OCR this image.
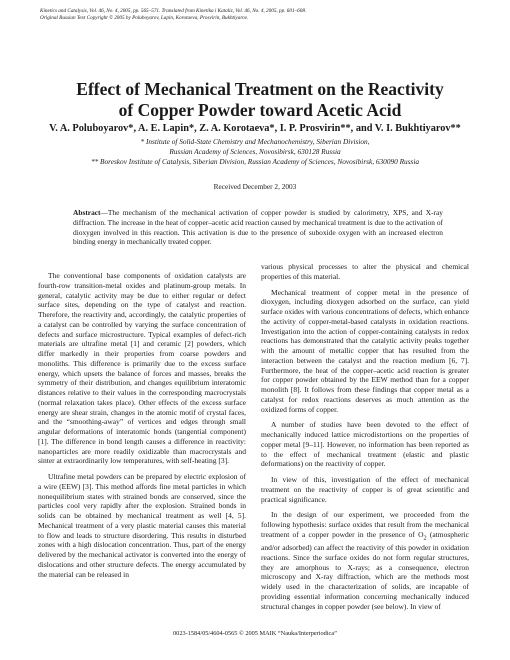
Kinetics and Catalysis, Vol. 46, No. 4, 2005, pp. 565–571. Translated from Kinetika i Kataliz, Vol. 46, No. 4, 2005, pp. 601–608.
Original Russian Text Copyright © 2005 by Poluboyarov, Lapin, Korotaeva, Prosvirin, Bukhtiyarov.
Effect of Mechanical Treatment on the Reactivity
of Copper Powder toward Acetic Acid
V. A. Poluboyarov*, A. E. Lapin*, Z. A. Korotaeva*, I. P. Prosvirin**, and V. I. Bukhtiyarov**
* Institute of Solid-State Chemistry and Mechanochemistry, Siberian Division,
Russian Academy of Sciences, Novosibirsk, 630128 Russia
** Boreskov Institute of Catalysis, Siberian Division, Russian Academy of Sciences, Novosibirsk, 630090 Russia
Received December 2, 2003
Abstract—The mechanism of the mechanical activation of copper powder is studied by calorimetry, XPS, and X-ray diffraction. The increase in the heat of copper–acetic acid reaction caused by mechanical treatment is due to the activation of dioxygen involved in this reaction. This activation is due to the presence of suboxide oxygen with an increased electron binding energy in mechanically treated copper.

The conventional base components of oxidation catalysts are fourth-row transition-metal oxides and platinum-group metals. In general, catalytic activity may be due to either regular or defect surface sites, depending on the type of catalyst and reaction. Therefore, the reactivity and, accordingly, the catalytic properties of a catalyst can be controlled by varying the surface concentration of defects and surface microstructure. Typical examples of defect-rich materials are ultrafine metal [1] and ceramic [2] powders, which differ markedly in their properties from coarse powders and monoliths. This difference is primarily due to the excess surface energy, which upsets the balance of forces and masses, breaks the symmetry of their distribution, and changes equilibrium interatomic distances relative to their values in the corresponding macrocrystals (normal relaxation takes place). Other effects of the excess surface energy are shear strain, changes in the atomic motif of crystal faces, and the “smoothing-away” of vertices and edges through small angular deformations of interatomic bonds (tangential component) [1]. The difference in bond length causes a difference in reactivity: nanoparticles are more readily oxidizable than macrocrystals and sinter at extraordinarily low temperatures, with self-heating [3].

Ultrafine metal powders can be prepared by electric explosion of a wire (EEW) [3]. This method affords fine metal particles in which nonequilibrium states with strained bonds are conserved, since the particles cool very rapidly after the explosion. Strained bonds in solids can be obtained by mechanical treatment as well [4, 5]. Mechanical treatment of a very plastic material causes this material to flow and leads to structure disordering. This results in disturbed zones with a high dislocation concentration. Thus, part of the energy delivered by the mechanical activator is converted into the energy of dislocations and other structure defects. The energy accumulated by the material can be released in

various physical processes to alter the physical and chemical properties of this material.

Mechanical treatment of copper metal in the presence of dioxygen, including dioxygen adsorbed on the surface, can yield surface oxides with various concentrations of defects, which enhance the activity of copper-metal-based catalysts in oxidation reactions. Investigation into the action of copper-containing catalysts in redox reactions has demonstrated that the catalytic activity peaks together with the amount of metallic copper that has resulted from the interaction between the catalyst and the reaction medium [6, 7]. Furthermore, the heat of the copper–acetic acid reaction is greater for copper powder obtained by the EEW method than for a copper monolith [8]. It follows from these findings that copper metal as a catalyst for redox reactions deserves as much attention as the oxidized forms of copper.

A number of studies have been devoted to the effect of mechanically induced lattice microdistortions on the properties of copper metal [9–11]. However, no information has been reported as to the effect of mechanical treatment (elastic and plastic deformations) on the reactivity of copper.

In view of this, investigation of the effect of mechanical treatment on the reactivity of copper is of great scientific and practical significance.

In the design of our experiment, we proceeded from the following hypothesis: surface oxides that result from the mechanical treatment of a copper powder in the presence of $O_2$ (atmospheric and/or adsorbed) can affect the reactivity of this powder in oxidation reactions. Since the surface oxides do not form regular structures, they are amorphous to X-rays; as a consequence, electron microscopy and X-ray diffraction, which are the methods most widely used in the characterization of solids, are incapable of providing essential information concerning mechanically induced structural changes in copper powder (see below). In view of

0023-1584/05/4604-0565 © 2005 MAIK “Nauka/Interperiodica”
